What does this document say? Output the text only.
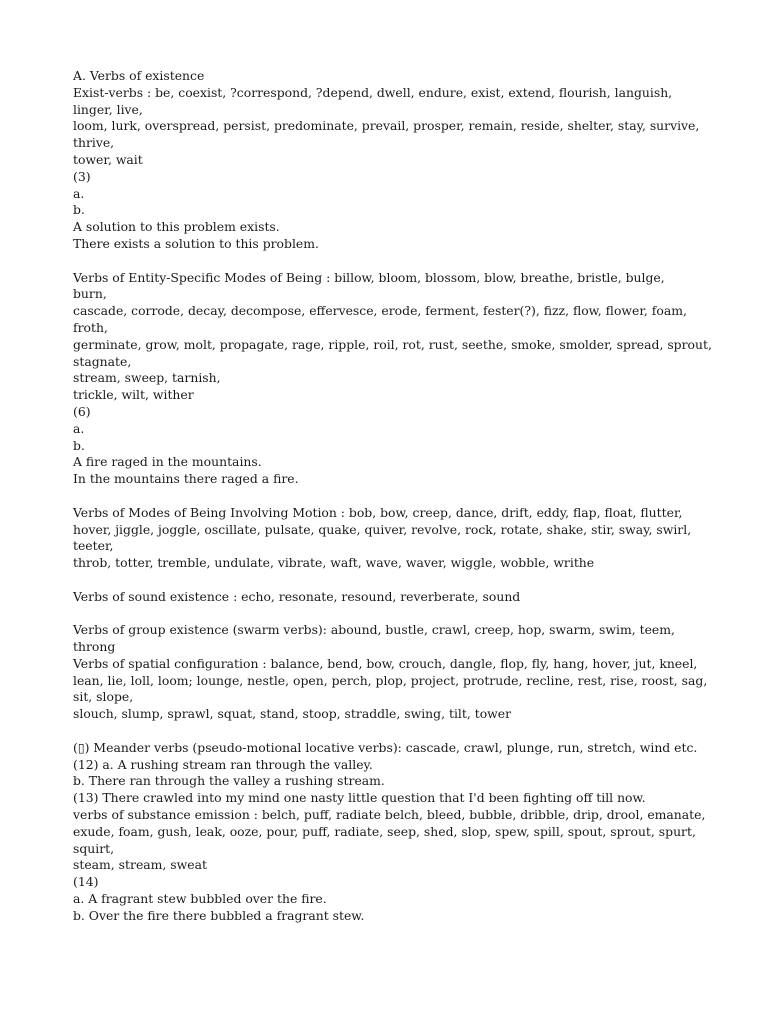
A. Verbs of existence
Exist-verbs : be, coexist, ?correspond, ?depend, dwell, endure, exist, extend, flourish, languish,
linger, live,
loom, lurk, overspread, persist, predominate, prevail, prosper, remain, reside, shelter, stay, survive,
thrive,
tower, wait
(3)
a.
b.
A solution to this problem exists.
There exists a solution to this problem.
Verbs of Entity-Specific Modes of Being : billow, bloom, blossom, blow, breathe, bristle, bulge,
burn,
cascade, corrode, decay, decompose, effervesce, erode, ferment, fester(?), fizz, flow, flower, foam,
froth,
germinate, grow, molt, propagate, rage, ripple, roil, rot, rust, seethe, smoke, smolder, spread, sprout,
stagnate,
stream, sweep, tarnish,
trickle, wilt, wither
(6)
a.
b.
A fire raged in the mountains.
In the mountains there raged a fire.
Verbs of Modes of Being Involving Motion : bob, bow, creep, dance, drift, eddy, flap, float, flutter,
hover, jiggle, joggle, oscillate, pulsate, quake, quiver, revolve, rock, rotate, shake, stir, sway, swirl,
teeter,
throb, totter, tremble, undulate, vibrate, waft, wave, waver, wiggle, wobble, writhe
Verbs of sound existence : echo, resonate, resound, reverberate, sound
Verbs of group existence (swarm verbs): abound, bustle, crawl, creep, hop, swarm, swim, teem,
throng
Verbs of spatial configuration : balance, bend, bow, crouch, dangle, flop, fly, hang, hover, jut, kneel,
lean, lie, loll, loom; lounge, nestle, open, perch, plop, project, protrude, recline, rest, rise, roost, sag,
sit, slope,
slouch, slump, sprawl, squat, stand, stoop, straddle, swing, tilt, tower
(▯) Meander verbs (pseudo-motional locative verbs): cascade, crawl, plunge, run, stretch, wind etc.
(12) a. A rushing stream ran through the valley.
b. There ran through the valley a rushing stream.
(13) There crawled into my mind one nasty little question that I'd been fighting off till now.
verbs of substance emission : belch, puff, radiate belch, bleed, bubble, dribble, drip, drool, emanate,
exude, foam, gush, leak, ooze, pour, puff, radiate, seep, shed, slop, spew, spill, spout, sprout, spurt,
squirt,
steam, stream, sweat
(14)
a. A fragrant stew bubbled over the fire.
b. Over the fire there bubbled a fragrant stew.
